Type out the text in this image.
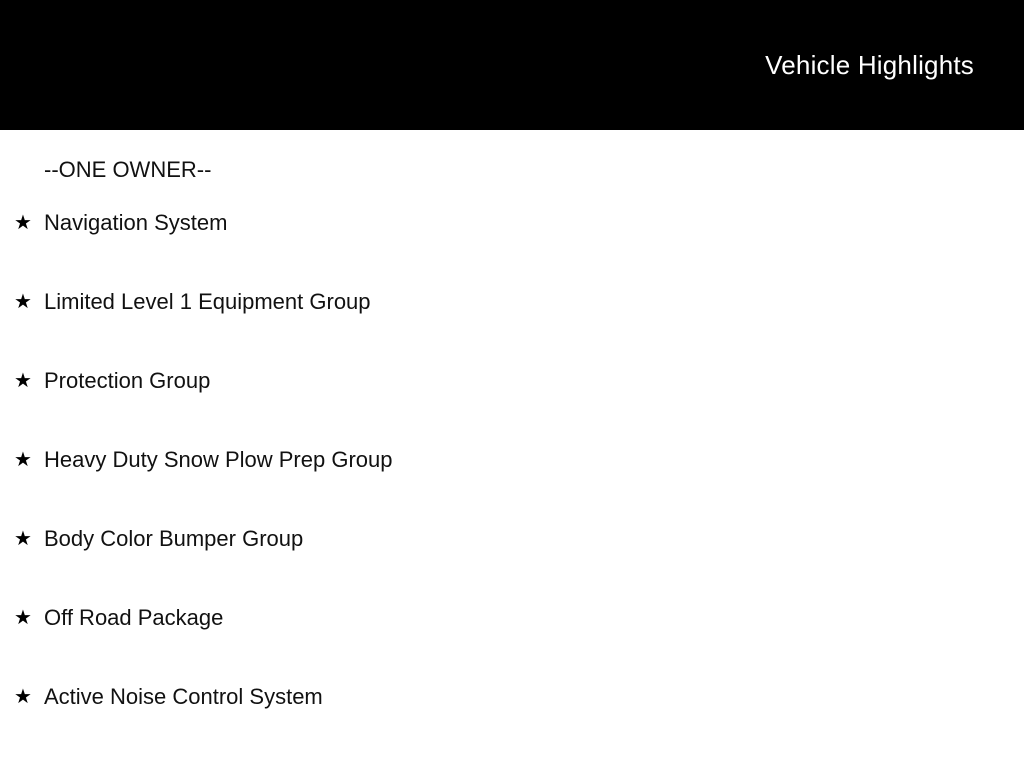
Vehicle Highlights
--ONE OWNER--
★ Navigation System
★ Limited Level 1 Equipment Group
★ Protection Group
★ Heavy Duty Snow Plow Prep Group
★ Body Color Bumper Group
★ Off Road Package
★ Active Noise Control System
